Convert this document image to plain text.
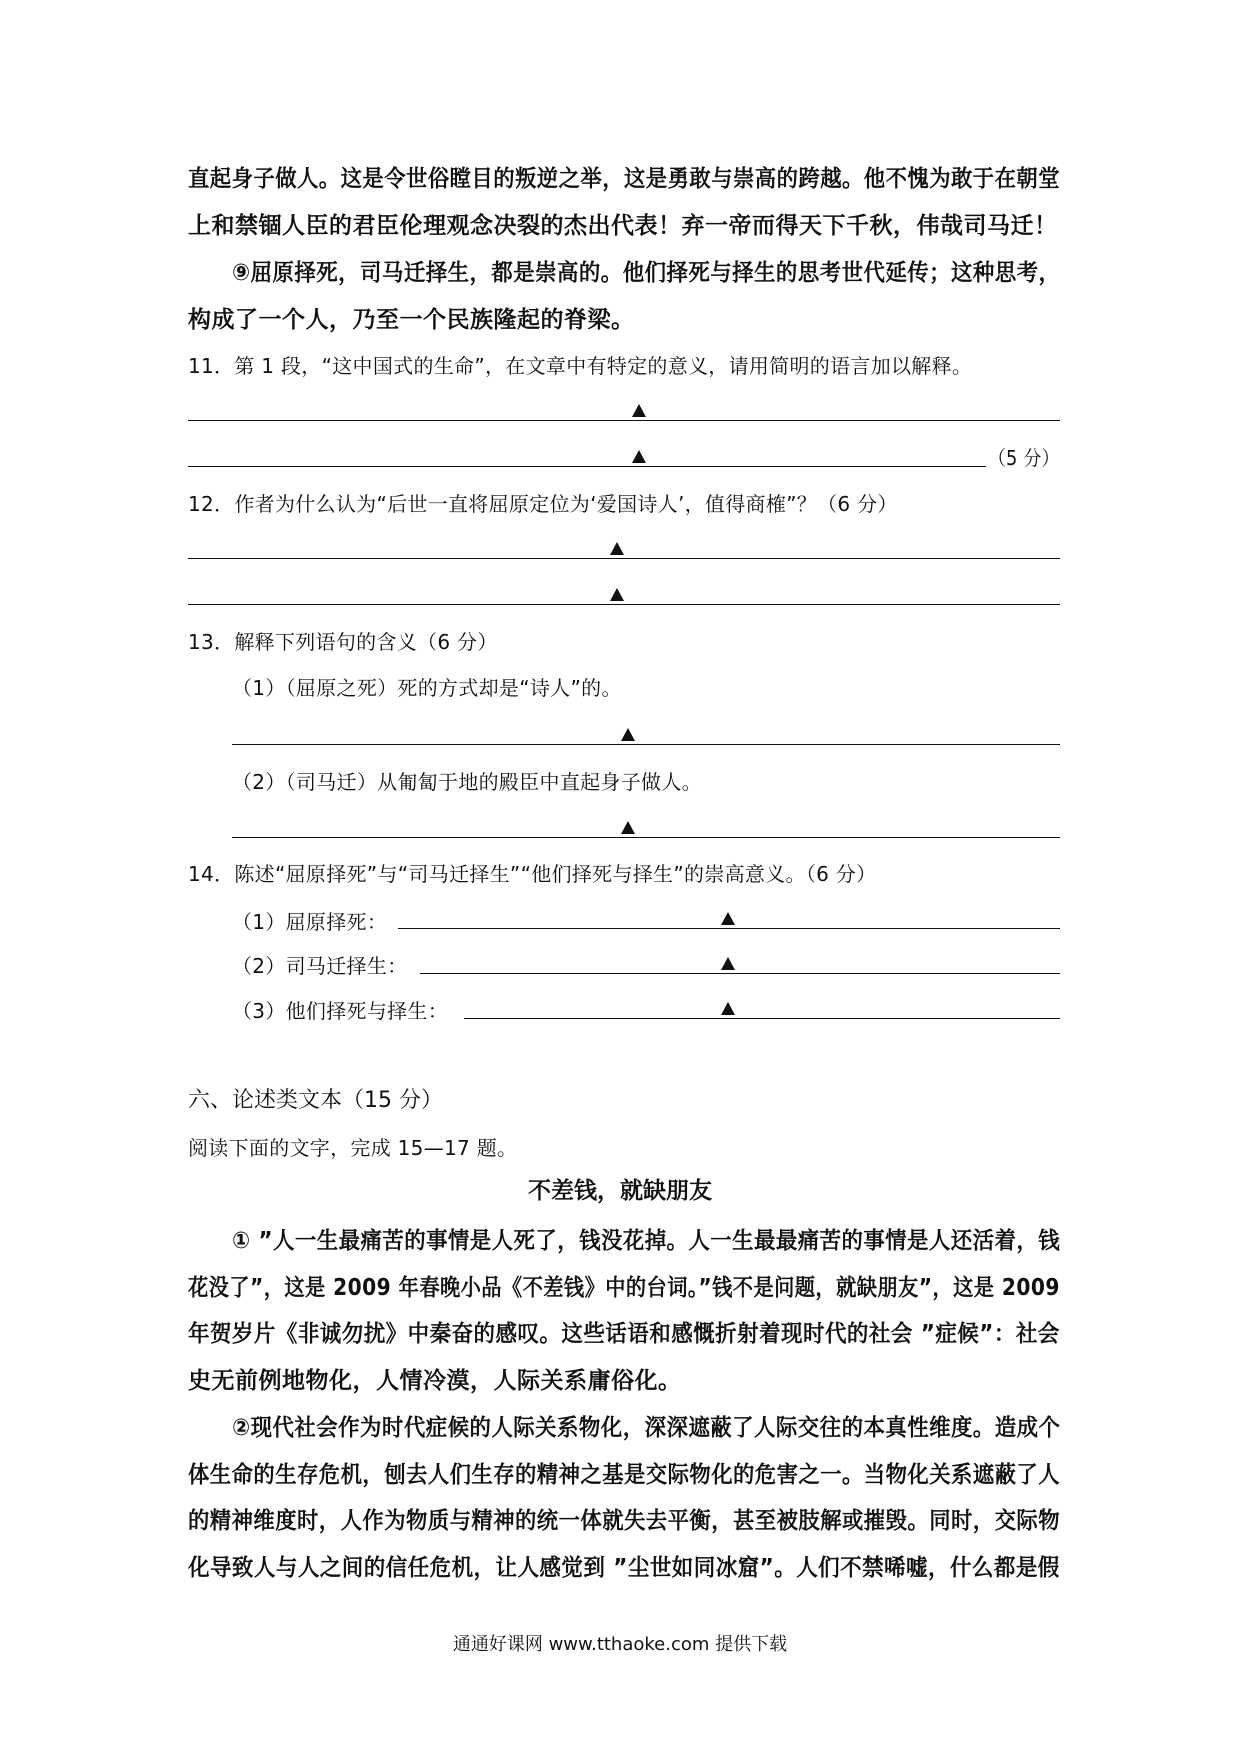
直起身子做人。这是令世俗瞠目的叛逆之举，这是勇敢与崇高的跨越。他不愧为敢于在朝堂
上和禁锢人臣的君臣伦理观念决裂的杰出代表！弃一帝而得天下千秋，伟哉司马迁！
⑨屈原择死，司马迁择生，都是崇高的。他们择死与择生的思考世代延传；这种思考，
构成了一个人，乃至一个民族隆起的脊梁。
11．第 1 段，“这中国式的生命”，在文章中有特定的意义，请用简明的语言加以解释。
（5 分）
12．作者为什么认为“后世一直将屈原定位为‘爱国诗人’，值得商榷”？（6 分）
13．解释下列语句的含义（6 分）
（1）（屈原之死）死的方式却是“诗人”的。
（2）（司马迁）从匍匐于地的殿臣中直起身子做人。
14．陈述“屈原择死”与“司马迁择生”“他们择死与择生”的崇高意义。（6 分）
（1）屈原择死：
（2）司马迁择生：
（3）他们择死与择生：
六、论述类文本（15 分）
阅读下面的文字，完成 15—17 题。
不差钱，就缺朋友
① ”人一生最痛苦的事情是人死了，钱没花掉。人一生最最痛苦的事情是人还活着，钱
花没了”，这是 2009 年春晚小品《不差钱》中的台词。”钱不是问题，就缺朋友”，这是 2009
年贺岁片《非诚勿扰》中秦奋的感叹。这些话语和感慨折射着现时代的社会 ”症候”：社会
史无前例地物化，人情冷漠，人际关系庸俗化。
②现代社会作为时代症候的人际关系物化，深深遮蔽了人际交往的本真性维度。造成个
体生命的生存危机，刨去人们生存的精神之基是交际物化的危害之一。当物化关系遮蔽了人
的精神维度时，人作为物质与精神的统一体就失去平衡，甚至被肢解或摧毁。同时，交际物
化导致人与人之间的信任危机，让人感觉到 ”尘世如同冰窟”。人们不禁唏嘘，什么都是假
通通好课网 www.tthaoke.com 提供下载
